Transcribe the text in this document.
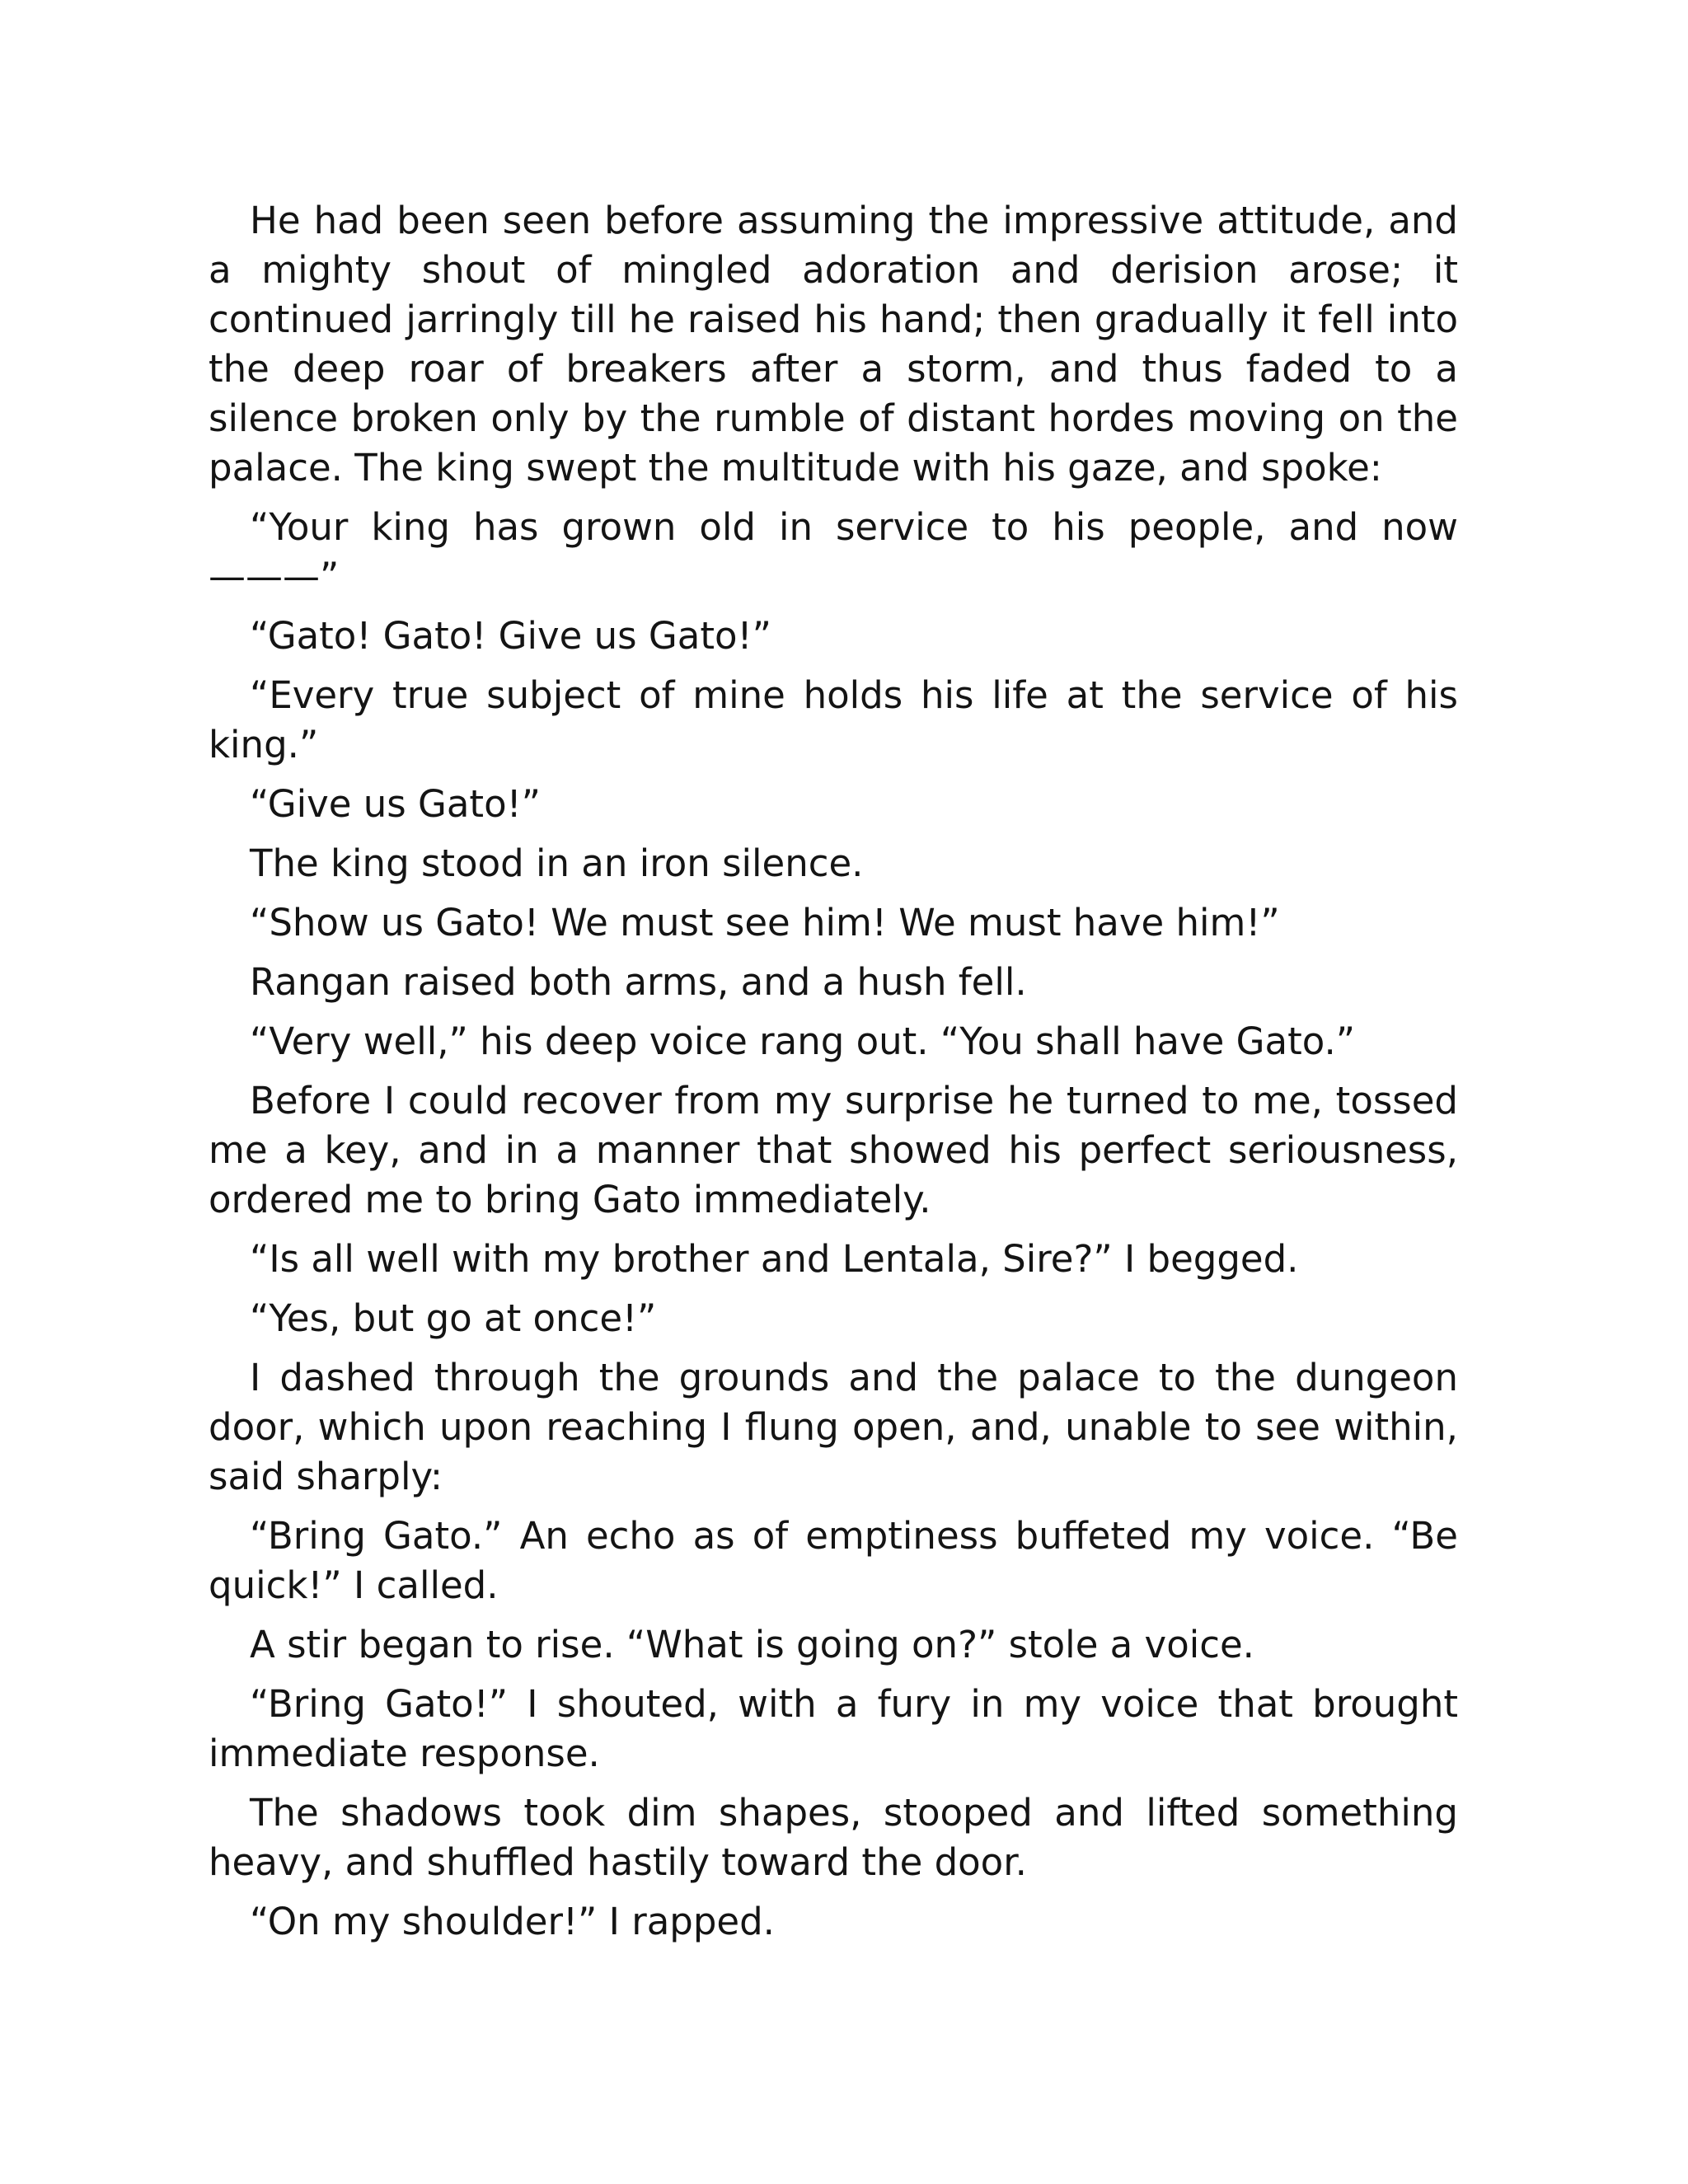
He had been seen before assuming the impressive attitude, and a mighty shout of mingled adoration and derision arose; it continued jarringly till he raised his hand; then gradually it fell into the deep roar of breakers after a storm, and thus faded to a silence broken only by the rumble of distant hordes moving on the palace. The king swept the multitude with his gaze, and spoke:

“Your king has grown old in service to his people, and now———”

“Gato! Gato! Give us Gato!”

“Every true subject of mine holds his life at the service of his king.”

“Give us Gato!”

The king stood in an iron silence.

“Show us Gato! We must see him! We must have him!”

Rangan raised both arms, and a hush fell.

“Very well,” his deep voice rang out. “You shall have Gato.”

Before I could recover from my surprise he turned to me, tossed me a key, and in a manner that showed his perfect seriousness, ordered me to bring Gato immediately.

“Is all well with my brother and Lentala, Sire?” I begged.

“Yes, but go at once!”

I dashed through the grounds and the palace to the dungeon door, which upon reaching I flung open, and, unable to see within, said sharply:

“Bring Gato.” An echo as of emptiness buffeted my voice. “Be quick!” I called.

A stir began to rise. “What is going on?” stole a voice.

“Bring Gato!” I shouted, with a fury in my voice that brought immediate response.

The shadows took dim shapes, stooped and lifted something heavy, and shuffled hastily toward the door.

“On my shoulder!” I rapped.
